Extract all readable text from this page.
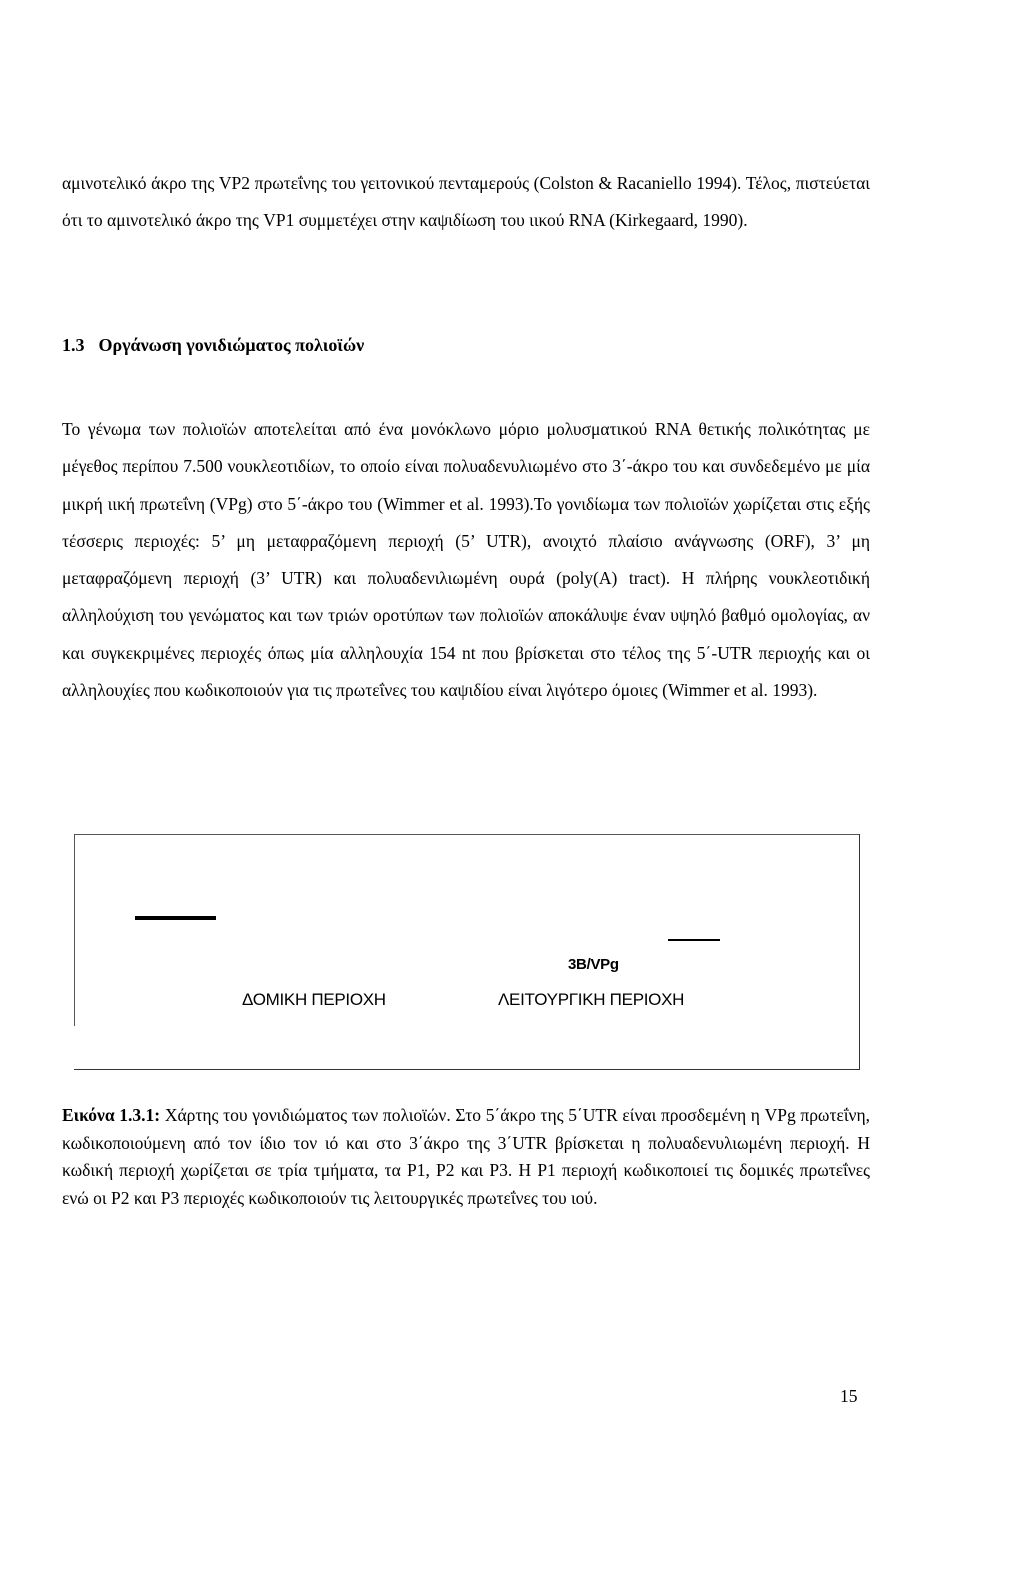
αμινοτελικό άκρο της VP2 πρωτεΐνης του γειτονικού πενταμερούς (Colston & Racaniello 1994). Τέλος, πιστεύεται ότι το αμινοτελικό άκρο της VP1 συμμετέχει στην καψιδίωση του ιικού RNA (Kirkegaard, 1990).

1.3 Οργάνωση γονιδιώματος πολιοϊών

Το γένωμα των πολιοϊών αποτελείται από ένα μονόκλωνο μόριο μολυσματικού RNA θετικής πολικότητας με μέγεθος περίπου 7.500 νουκλεοτιδίων, το οποίο είναι πολυαδενυλιωμένο στο 3΄-άκρο του και συνδεδεμένο με μία μικρή ιική πρωτεΐνη (VPg) στο 5΄-άκρο του (Wimmer et al. 1993).Το γονιδίωμα των πολιοϊών χωρίζεται στις εξής τέσσερις περιοχές: 5’ μη μεταφραζόμενη περιοχή (5’ UTR), ανοιχτό πλαίσιο ανάγνωσης (ORF), 3’ μη μεταφραζόμενη περιοχή (3’ UTR) και πολυαδενιλιωμένη ουρά (poly(A) tract). Η πλήρης νουκλεοτιδική αλληλούχιση του γενώματος και των τριών οροτύπων των πολιοϊών αποκάλυψε έναν υψηλό βαθμό ομολογίας, αν και συγκεκριμένες περιοχές όπως μία αλληλουχία 154 nt που βρίσκεται στο τέλος της 5΄-UTR περιοχής και οι αλληλουχίες που κωδικοποιούν για τις πρωτεΐνες του καψιδίου είναι λιγότερο όμοιες (Wimmer et al. 1993).

3B/VPg
ΔΟΜΙΚΗ ΠΕΡΙΟΧΗ	ΛΕΙΤΟΥΡΓΙΚΗ ΠΕΡΙΟΧΗ

Εικόνα 1.3.1: Χάρτης του γονιδιώματος των πολιοϊών. Στο 5΄άκρο της 5΄UTR είναι προσδεμένη η VPg πρωτεΐνη, κωδικοποιούμενη από τον ίδιο τον ιό και στο 3΄άκρο της 3΄UTR βρίσκεται η πολυαδενυλιωμένη περιοχή. Η κωδική περιοχή χωρίζεται σε τρία τμήματα, τα P1, P2 και P3. Η P1 περιοχή κωδικοποιεί τις δομικές πρωτεΐνες ενώ οι P2 και P3 περιοχές κωδικοποιούν τις λειτουργικές πρωτεΐνες του ιού.

15
